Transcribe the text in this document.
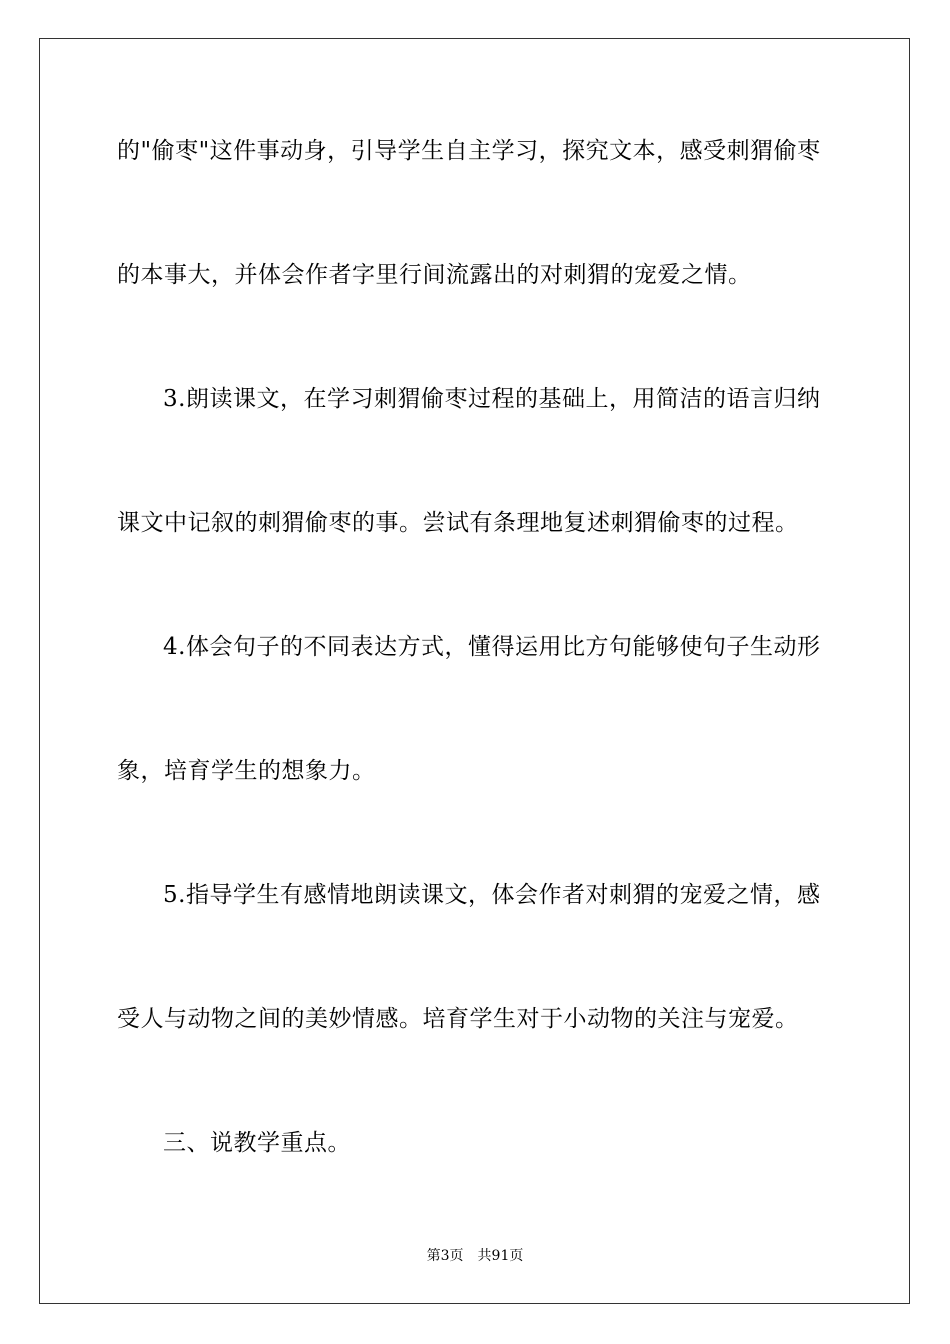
的"偷枣"这件事动身，引导学生自主学习，探究文本，感受刺猬偷枣

的本事大，并体会作者字里行间流露出的对刺猬的宠爱之情。

3.朗读课文，在学习刺猬偷枣过程的基础上，用简洁的语言归纳

课文中记叙的刺猬偷枣的事。尝试有条理地复述刺猬偷枣的过程。

4.体会句子的不同表达方式，懂得运用比方句能够使句子生动形

象，培育学生的想象力。

5.指导学生有感情地朗读课文，体会作者对刺猬的宠爱之情，感

受人与动物之间的美妙情感。培育学生对于小动物的关注与宠爱。

三、说教学重点。

第3页 共91页
